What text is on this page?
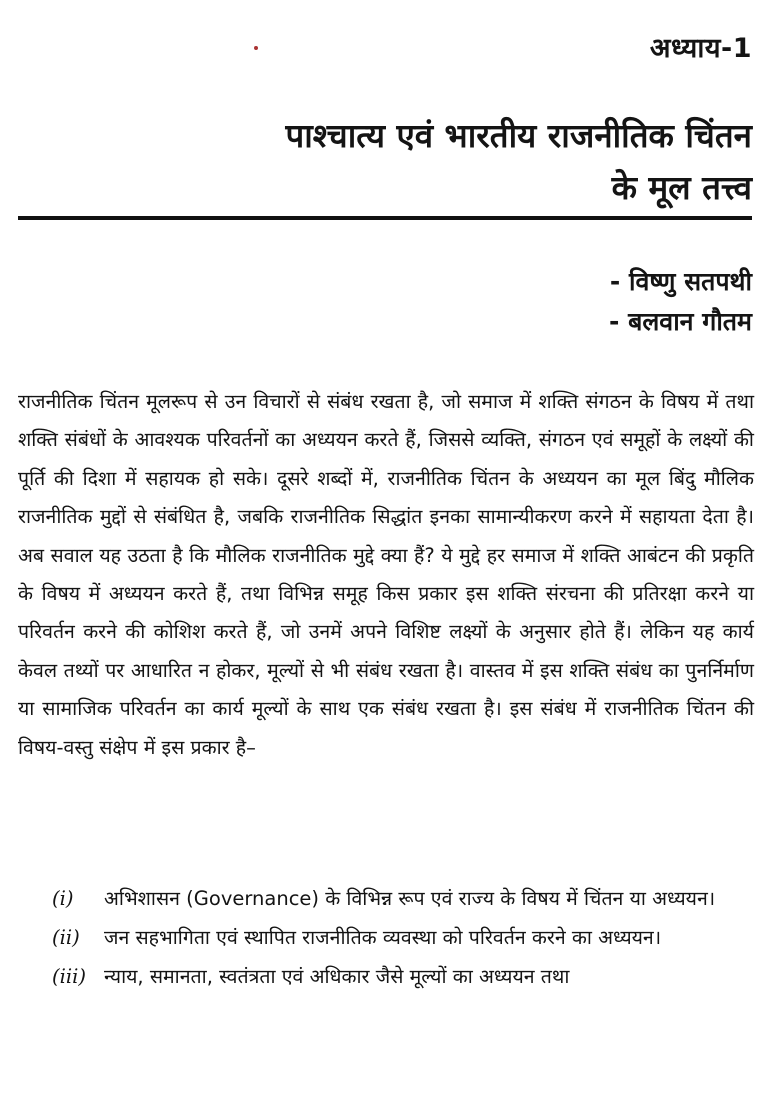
अध्याय-1
पाश्चात्य एवं भारतीय राजनीतिक चिंतन
के मूल तत्त्व
- विष्णु सतपथी
- बलवान गौतम

राजनीतिक चिंतन मूलरूप से उन विचारों से संबंध रखता है, जो समाज में शक्ति संगठन के विषय में तथा शक्ति संबंधों के आवश्यक परिवर्तनों का अध्ययन करते हैं, जिससे व्यक्ति, संगठन एवं समूहों के लक्ष्यों की पूर्ति की दिशा में सहायक हो सके। दूसरे शब्दों में, राजनीतिक चिंतन के अध्ययन का मूल बिंदु मौलिक राजनीतिक मुद्दों से संबंधित है, जबकि राजनीतिक सिद्धांत इनका सामान्यीकरण करने में सहायता देता है। अब सवाल यह उठता है कि मौलिक राजनीतिक मुद्दे क्या हैं? ये मुद्दे हर समाज में शक्ति आबंटन की प्रकृति के विषय में अध्ययन करते हैं, तथा विभिन्न समूह किस प्रकार इस शक्ति संरचना की प्रतिरक्षा करने या परिवर्तन करने की कोशिश करते हैं, जो उनमें अपने विशिष्ट लक्ष्यों के अनुसार होते हैं। लेकिन यह कार्य केवल तथ्यों पर आधारित न होकर, मूल्यों से भी संबंध रखता है। वास्तव में इस शक्ति संबंध का पुनर्निर्माण या सामाजिक परिवर्तन का कार्य मूल्यों के साथ एक संबंध रखता है। इस संबंध में राजनीतिक चिंतन की विषय-वस्तु संक्षेप में इस प्रकार है–

(i)	अभिशासन (Governance) के विभिन्न रूप एवं राज्य के विषय में चिंतन या अध्ययन।
(ii)	जन सहभागिता एवं स्थापित राजनीतिक व्यवस्था को परिवर्तन करने का अध्ययन।
(iii) न्याय, समानता, स्वतंत्रता एवं अधिकार जैसे मूल्यों का अध्ययन तथा
